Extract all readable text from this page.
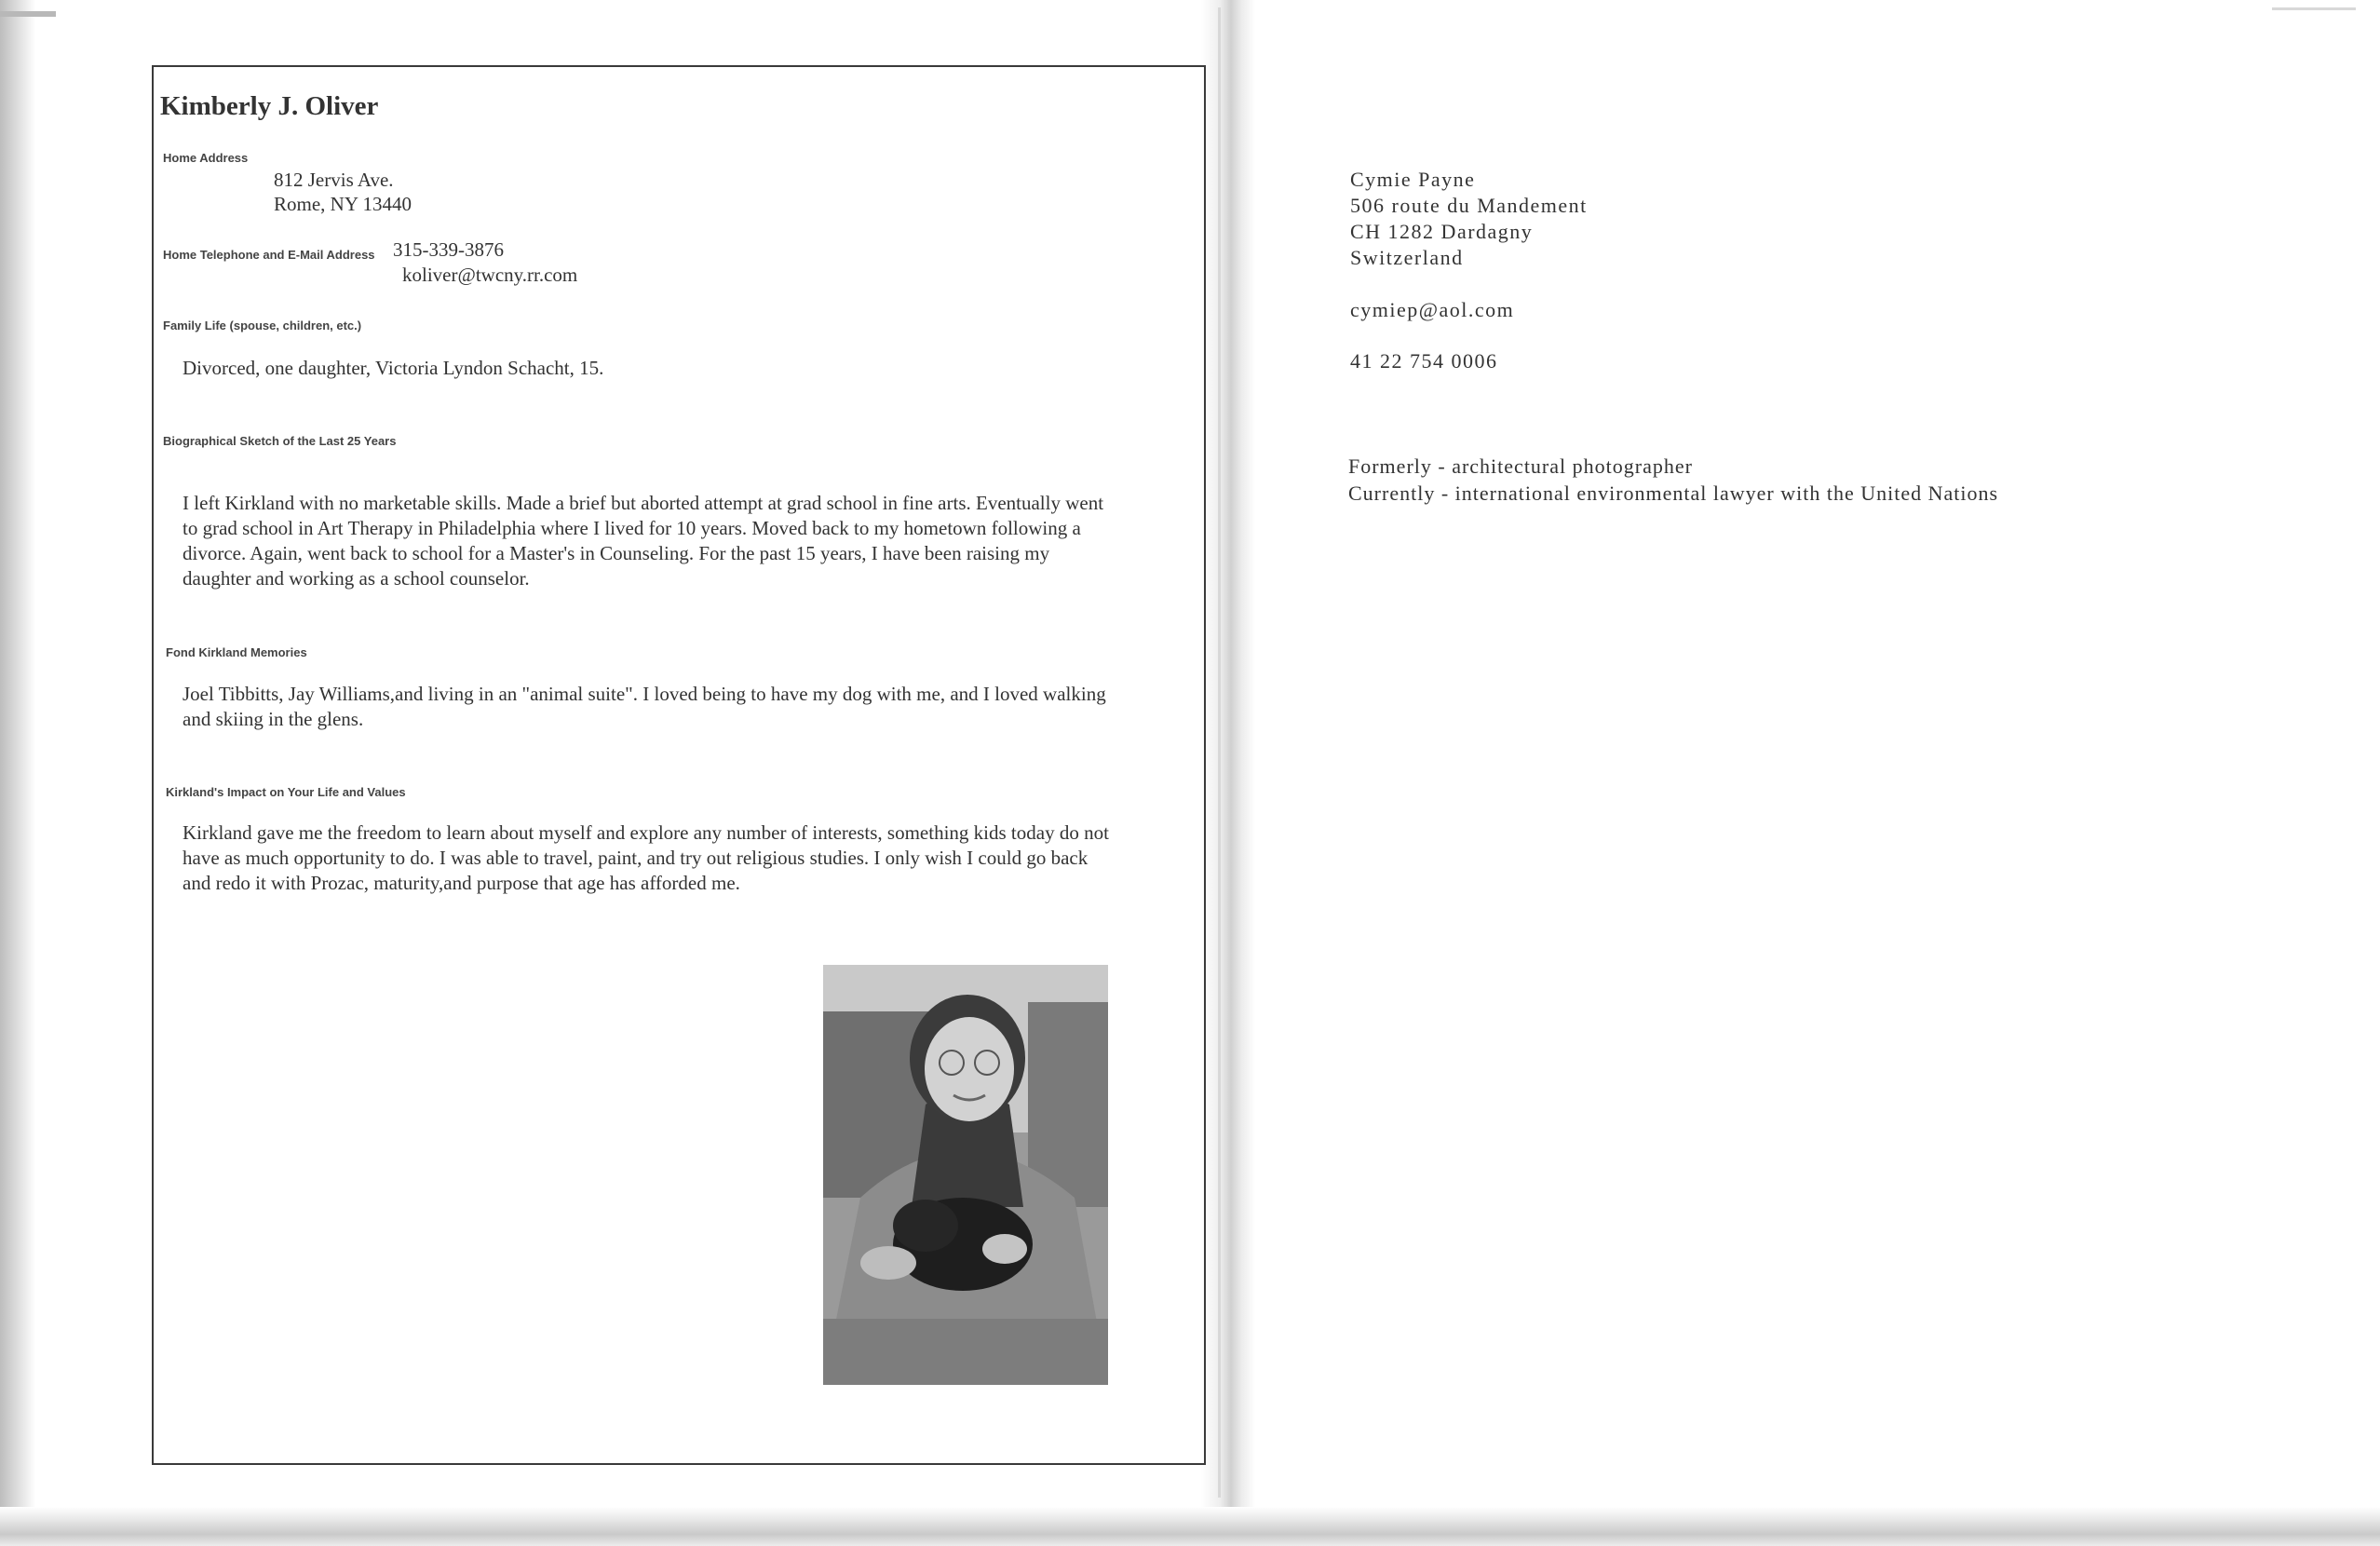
Kimberly J. Oliver
Home Address
812 Jervis Ave.
Rome, NY 13440
Home Telephone and E-Mail Address 315-339-3876
koliver@twcny.rr.com
Family Life (spouse, children, etc.)
Divorced, one daughter, Victoria Lyndon Schacht, 15.
Biographical Sketch of the Last 25 Years
I left Kirkland with no marketable skills. Made a brief but aborted attempt at grad school in fine arts. Eventually went to grad school in Art Therapy in Philadelphia where I lived for 10 years. Moved back to my hometown following a divorce. Again, went back to school for a Master's in Counseling. For the past 15 years, I have been raising my daughter and working as a school counselor.
Fond Kirkland Memories
Joel Tibbitts, Jay Williams,and living in an "animal suite". I loved being to have my dog with me, and I loved walking and skiing in the glens.
Kirkland's Impact on Your Life and Values
Kirkland gave me the freedom to learn about myself and explore any number of interests, something kids today do not have as much opportunity to do. I was able to travel, paint, and try out religious studies. I only wish I could go back and redo it with Prozac, maturity,and purpose that age has afforded me.
Cymie Payne
506 route du Mandement
CH 1282 Dardagny
Switzerland
cymiep@aol.com
41 22 754 0006
Formerly - architectural photographer
Currently - international environmental lawyer with the United Nations
